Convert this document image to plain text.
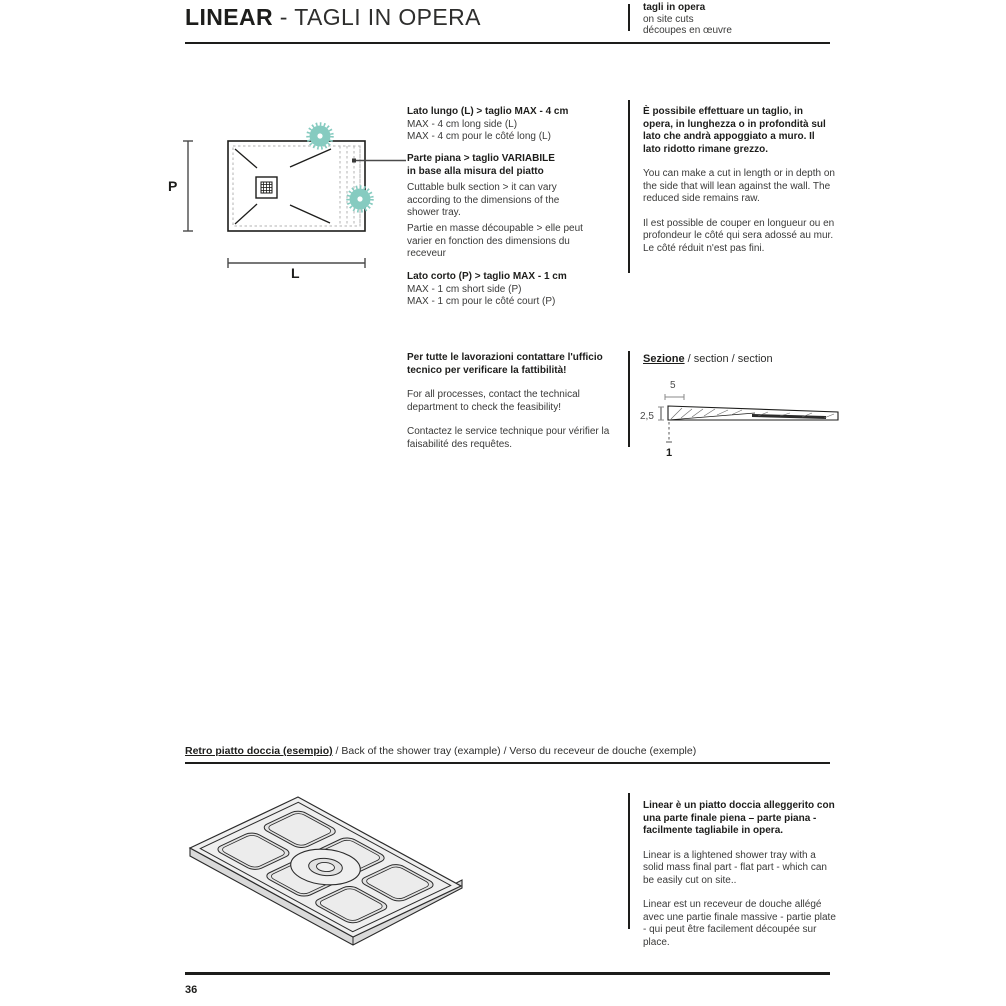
LINEAR - TAGLI IN OPERA	tagli in opera
on site cuts
découpes en œuvre
P
L
Lato lungo (L) > taglio MAX - 4 cm
MAX - 4 cm long side (L)
MAX - 4 cm pour le côté long (L)
Parte piana > taglio VARIABILE
in base alla misura del piatto
Cuttable bulk section > it can vary according to the dimensions of the shower tray.
Partie en masse découpable > elle peut varier en fonction des dimensions du receveur
Lato corto (P) > taglio MAX - 1 cm
MAX - 1 cm short side (P)
MAX - 1 cm pour le côté court (P)

È possibile effettuare un taglio, in opera, in lunghezza o in profondità sul lato che andrà appoggiato a muro. Il lato ridotto rimane grezzo.

You can make a cut in length or in depth on the side that will lean against the wall. The reduced side remains raw.

Il est possible de couper en longueur ou en profondeur le côté qui sera adossé au mur. Le côté réduit n'est pas fini.

Per tutte le lavorazioni contattare l'ufficio tecnico per verificare la fattibilità!

For all processes, contact the technical department to check the feasibility!

Contactez le service technique pour vérifier la faisabilité des requêtes.

Sezione / section / section
5
2,5
1
Retro piatto doccia (esempio) / Back of the shower tray (example) / Verso du receveur de douche (exemple)

Linear è un piatto doccia alleggerito con una parte finale piena – parte piana - facilmente tagliabile in opera.

Linear is a lightened shower tray with a solid mass final part - flat part - which can be easily cut on site..

Linear est un receveur de douche allégé avec une partie finale massive - partie plate - qui peut être facilement découpée sur place.

36
